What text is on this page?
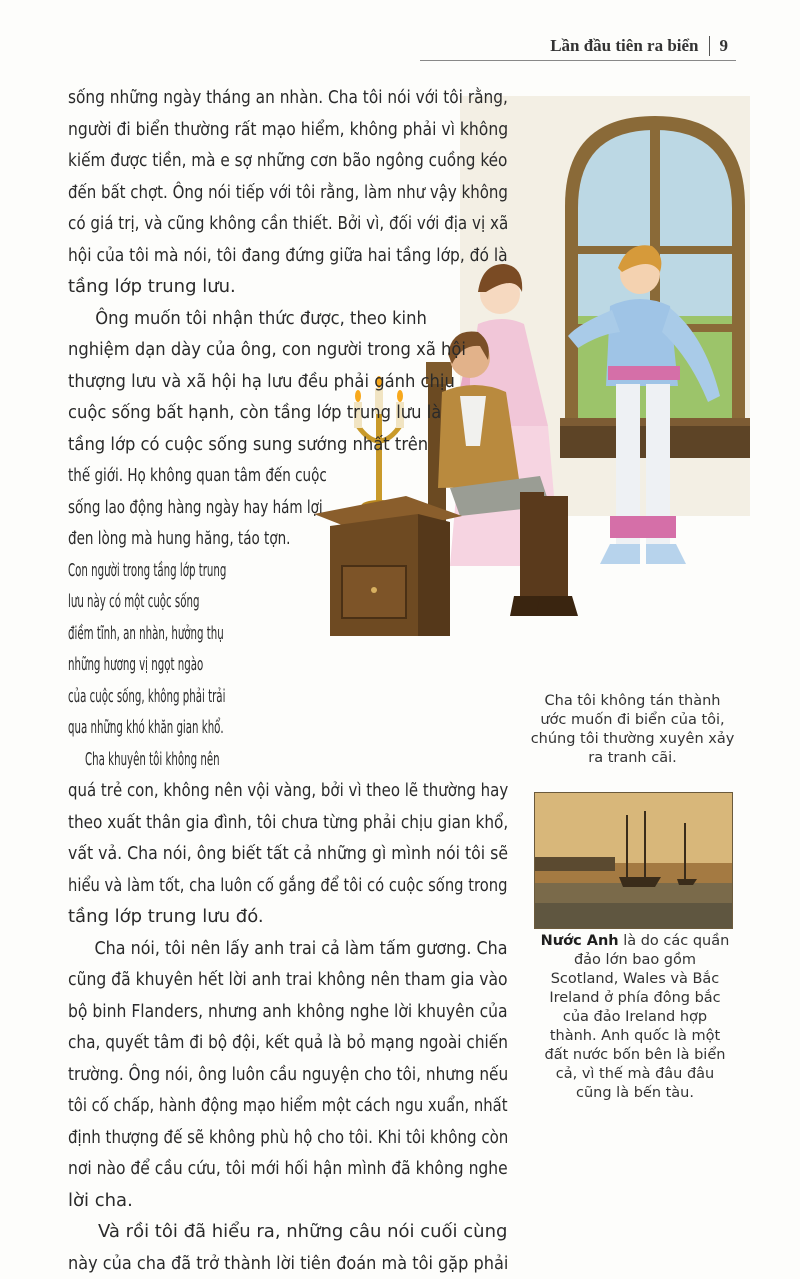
Lần đầu tiên ra biển 9
Cha tôi không tán thành ước muốn đi biển của tôi, chúng tôi thường xuyên xảy ra tranh cãi.
Nước Anh là do các quần đảo lớn bao gồm Scotland, Wales và Bắc Ireland ở phía đông bắc của đảo Ireland hợp thành. Anh quốc là một đất nước bốn bên là biển cả, vì thế mà đâu đâu cũng là bến tàu.
sống những ngày tháng an nhàn. Cha tôi nói với tôi rằng,
người đi biển thường rất mạo hiểm, không phải vì không
kiếm được tiền, mà e sợ những cơn bão ngông cuồng kéo
đến bất chợt. Ông nói tiếp với tôi rằng, làm như vậy không
có giá trị, và cũng không cần thiết. Bởi vì, đối với địa vị xã
hội của tôi mà nói, tôi đang đứng giữa hai tầng lớp, đó là
tầng lớp trung lưu.
Ông muốn tôi nhận thức được, theo kinh
nghiệm dạn dày của ông, con người trong xã hội
thượng lưu và xã hội hạ lưu đều phải gánh chịu
cuộc sống bất hạnh, còn tầng lớp trung lưu là
tầng lớp có cuộc sống sung sướng nhất trên
thế giới. Họ không quan tâm đến cuộc
sống lao động hàng ngày hay hám lợi
đen lòng mà hung hăng, táo tợn.
Con người trong tầng lớp trung
lưu này có một cuộc sống
điềm tĩnh, an nhàn, hưởng thụ
những hương vị ngọt ngào
của cuộc sống, không phải trải
qua những khó khăn gian khổ.
Cha khuyên tôi không nên
quá trẻ con, không nên vội vàng, bởi vì theo lẽ thường hay
theo xuất thân gia đình, tôi chưa từng phải chịu gian khổ,
vất vả. Cha nói, ông biết tất cả những gì mình nói tôi sẽ
hiểu và làm tốt, cha luôn cố gắng để tôi có cuộc sống trong
tầng lớp trung lưu đó.
Cha nói, tôi nên lấy anh trai cả làm tấm gương. Cha
cũng đã khuyên hết lời anh trai không nên tham gia vào
bộ binh Flanders, nhưng anh không nghe lời khuyên của
cha, quyết tâm đi bộ đội, kết quả là bỏ mạng ngoài chiến
trường. Ông nói, ông luôn cầu nguyện cho tôi, nhưng nếu
tôi cố chấp, hành động mạo hiểm một cách ngu xuẩn, nhất
định thượng đế sẽ không phù hộ cho tôi. Khi tôi không còn
nơi nào để cầu cứu, tôi mới hối hận mình đã không nghe
lời cha.
Và rồi tôi đã hiểu ra, những câu nói cuối cùng
này của cha đã trở thành lời tiên đoán mà tôi gặp phải
